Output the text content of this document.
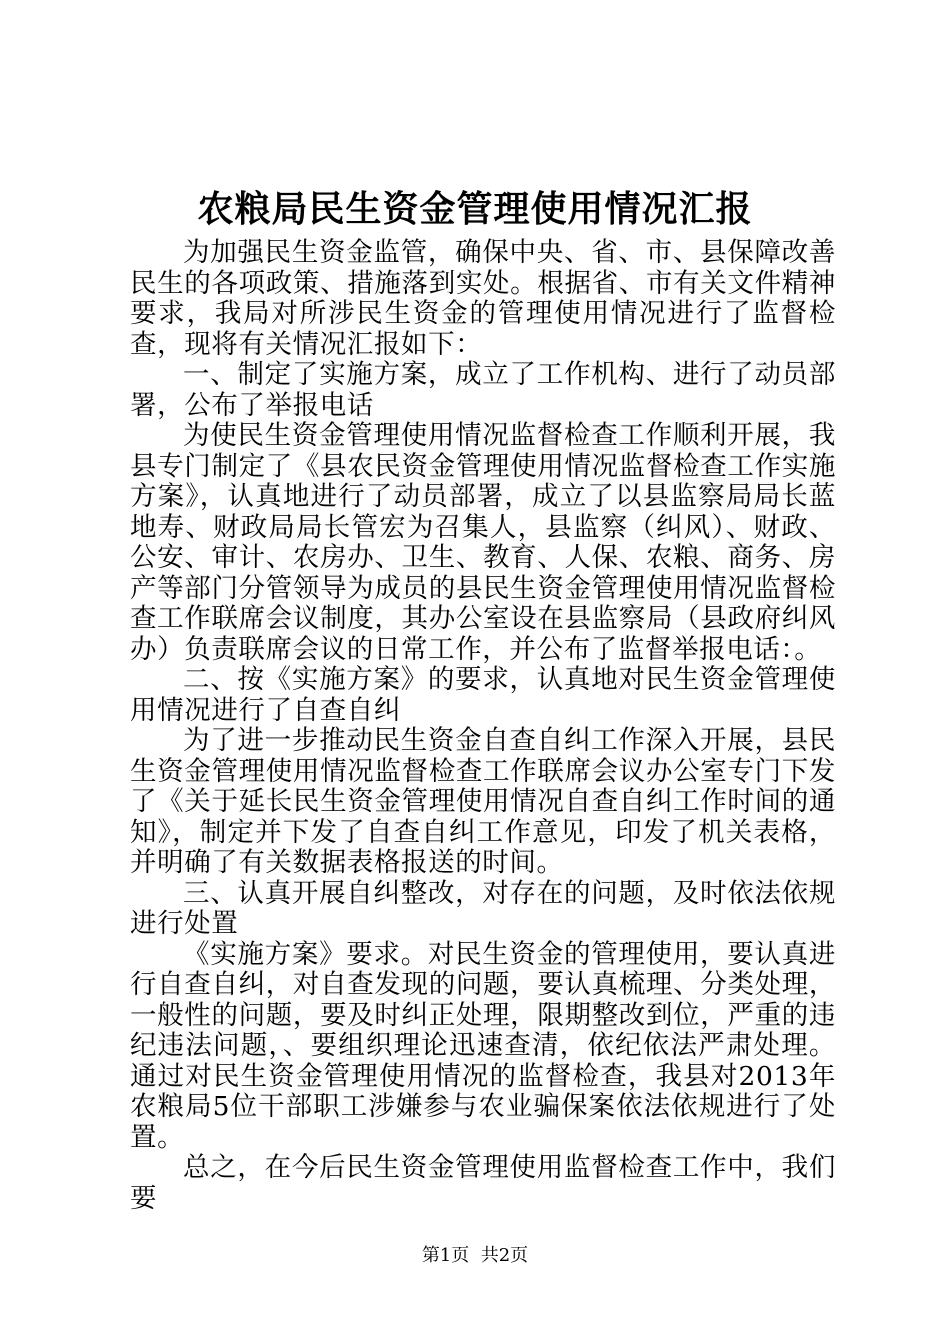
农粮局民生资金管理使用情况汇报

为加强民生资金监管，确保中央、省、市、县保障改善民生的各项政策、措施落到实处。根据省、市有关文件精神要求，我局对所涉民生资金的管理使用情况进行了监督检查，现将有关情况汇报如下：

一、制定了实施方案，成立了工作机构、进行了动员部署，公布了举报电话

为使民生资金管理使用情况监督检查工作顺利开展，我县专门制定了《县农民资金管理使用情况监督检查工作实施方案》，认真地进行了动员部署，成立了以县监察局局长蓝地寿、财政局局长管宏为召集人，县监察（纠风）、财政、公安、审计、农房办、卫生、教育、人保、农粮、商务、房产等部门分管领导为成员的县民生资金管理使用情况监督检查工作联席会议制度，其办公室设在县监察局（县政府纠风办）负责联席会议的日常工作，并公布了监督举报电话：。

二、按《实施方案》的要求，认真地对民生资金管理使用情况进行了自查自纠

为了进一步推动民生资金自查自纠工作深入开展，县民生资金管理使用情况监督检查工作联席会议办公室专门下发了《关于延长民生资金管理使用情况自查自纠工作时间的通知》，制定并下发了自查自纠工作意见，印发了机关表格，并明确了有关数据表格报送的时间。

三、认真开展自纠整改，对存在的问题，及时依法依规进行处置

《实施方案》要求。对民生资金的管理使用，要认真进行自查自纠，对自查发现的问题，要认真梳理、分类处理，一般性的问题，要及时纠正处理，限期整改到位，严重的违纪违法问题，、要组织理论迅速查清，依纪依法严肃处理。通过对民生资金管理使用情况的监督检查，我县对2013年农粮局5位干部职工涉嫌参与农业骗保案依法依规进行了处置。

总之，在今后民生资金管理使用监督检查工作中，我们要

第1页  共2页
